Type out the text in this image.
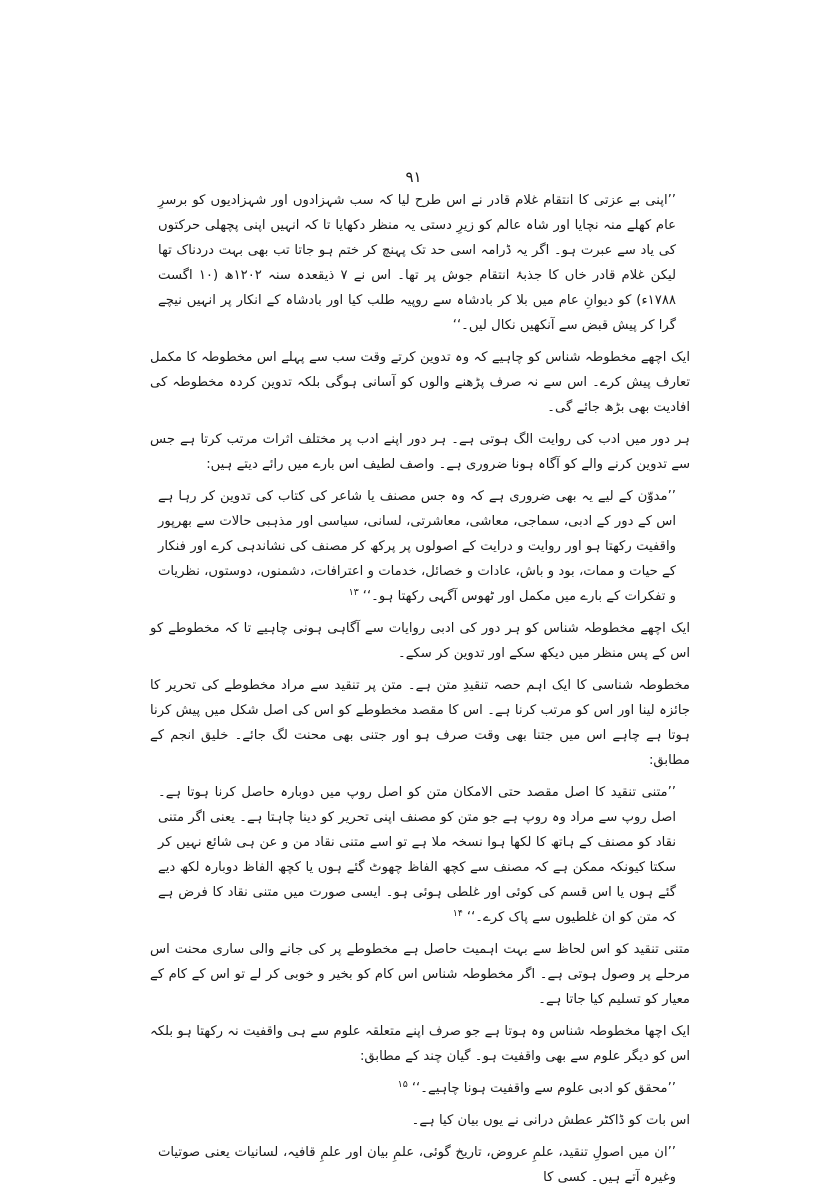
۹۱

’’اپنی بے عزتی کا انتقام غلام قادر نے اس طرح لیا کہ سب شہزادوں اور شہزادیوں کو برسرِ عام کھلے منہ نچایا اور شاہ عالم کو زیرِ دستی یہ منظر دکھایا تا کہ انہیں اپنی پچھلی حرکتوں کی یاد سے عبرت ہو۔ اگر یہ ڈرامہ اسی حد تک پہنچ کر ختم ہو جاتا تب بھی بہت دردناک تھا لیکن غلام قادر خاں کا جذبۂ انتقام جوش پر تھا۔ اس نے ۷ ذیقعدہ سنہ ۱۲۰۲ھ (۱۰ اگست ۱۷۸۸ء) کو دیوانِ عام میں بلا کر بادشاہ سے روپیہ طلب کیا اور بادشاہ کے انکار پر انہیں نیچے گرا کر پیش قبض سے آنکھیں نکال لیں۔‘‘

ایک اچھے مخطوطہ شناس کو چاہیے کہ وہ تدوین کرتے وقت سب سے پہلے اس مخطوطہ کا مکمل تعارف پیش کرے۔ اس سے نہ صرف پڑھنے والوں کو آسانی ہوگی بلکہ تدوین کردہ مخطوطہ کی افادیت بھی بڑھ جائے گی۔

ہر دور میں ادب کی روایت الگ ہوتی ہے۔ ہر دور اپنے ادب پر مختلف اثرات مرتب کرتا ہے جس سے تدوین کرنے والے کو آگاہ ہونا ضروری ہے۔ واصف لطیف اس بارے میں رائے دیتے ہیں:

’’مدوّن کے لیے یہ بھی ضروری ہے کہ وہ جس مصنف یا شاعر کی کتاب کی تدوین کر رہا ہے اس کے دور کے ادبی، سماجی، معاشی، معاشرتی، لسانی، سیاسی اور مذہبی حالات سے بھرپور واقفیت رکھتا ہو اور روایت و درایت کے اصولوں پر پرکھ کر مصنف کی نشاندہی کرے اور فنکار کے حیات و ممات، بود و باش، عادات و خصائل، خدمات و اعترافات، دشمنوں، دوستوں، نظریات و تفکرات کے بارے میں مکمل اور ٹھوس آگہی رکھتا ہو۔‘‘$^{۱۳}$

ایک اچھے مخطوطہ شناس کو ہر دور کی ادبی روایات سے آگاہی ہونی چاہیے تا کہ مخطوطے کو اس کے پس منظر میں دیکھ سکے اور تدوین کر سکے۔

مخطوطہ شناسی کا ایک اہم حصہ تنقیدِ متن ہے۔ متن پر تنقید سے مراد مخطوطے کی تحریر کا جائزہ لینا اور اس کو مرتب کرنا ہے۔ اس کا مقصد مخطوطے کو اس کی اصل شکل میں پیش کرنا ہوتا ہے چاہے اس میں جتنا بھی وقت صرف ہو اور جتنی بھی محنت لگ جائے۔ خلیق انجم کے مطابق:

’’متنی تنقید کا اصل مقصد حتی الامکان متن کو اصل روپ میں دوبارہ حاصل کرنا ہوتا ہے۔ اصل روپ سے مراد وہ روپ ہے جو متن کو مصنف اپنی تحریر کو دینا چاہتا ہے۔ یعنی اگر متنی نقاد کو مصنف کے ہاتھ کا لکھا ہوا نسخہ ملا ہے تو اسے متنی نقاد من و عن ہی شائع نہیں کر سکتا کیونکہ ممکن ہے کہ مصنف سے کچھ الفاظ چھوٹ گئے ہوں یا کچھ الفاظ دوبارہ لکھ دیے گئے ہوں یا اس قسم کی کوئی اور غلطی ہوئی ہو۔ ایسی صورت میں متنی نقاد کا فرض ہے کہ متن کو ان غلطیوں سے پاک کرے۔‘‘$^{۱۴}$

متنی تنقید کو اس لحاظ سے بہت اہمیت حاصل ہے مخطوطے پر کی جانے والی ساری محنت اس مرحلے پر وصول ہوتی ہے۔ اگر مخطوطہ شناس اس کام کو بخیر و خوبی کر لے تو اس کے کام کے معیار کو تسلیم کیا جاتا ہے۔

ایک اچھا مخطوطہ شناس وہ ہوتا ہے جو صرف اپنے متعلقہ علوم سے ہی واقفیت نہ رکھتا ہو بلکہ اس کو دیگر علوم سے بھی واقفیت ہو۔ گیان چند کے مطابق:

’’محقق کو ادبی علوم سے واقفیت ہونا چاہیے۔‘‘$^{۱۵}$

اس بات کو ڈاکٹر عطش درانی نے یوں بیان کیا ہے۔

’’ان میں اصولِ تنقید، علمِ عروض، تاریخ گوئی، علمِ بیان اور علمِ قافیہ، لسانیات یعنی صوتیات وغیرہ آتے ہیں۔ کسی کا
